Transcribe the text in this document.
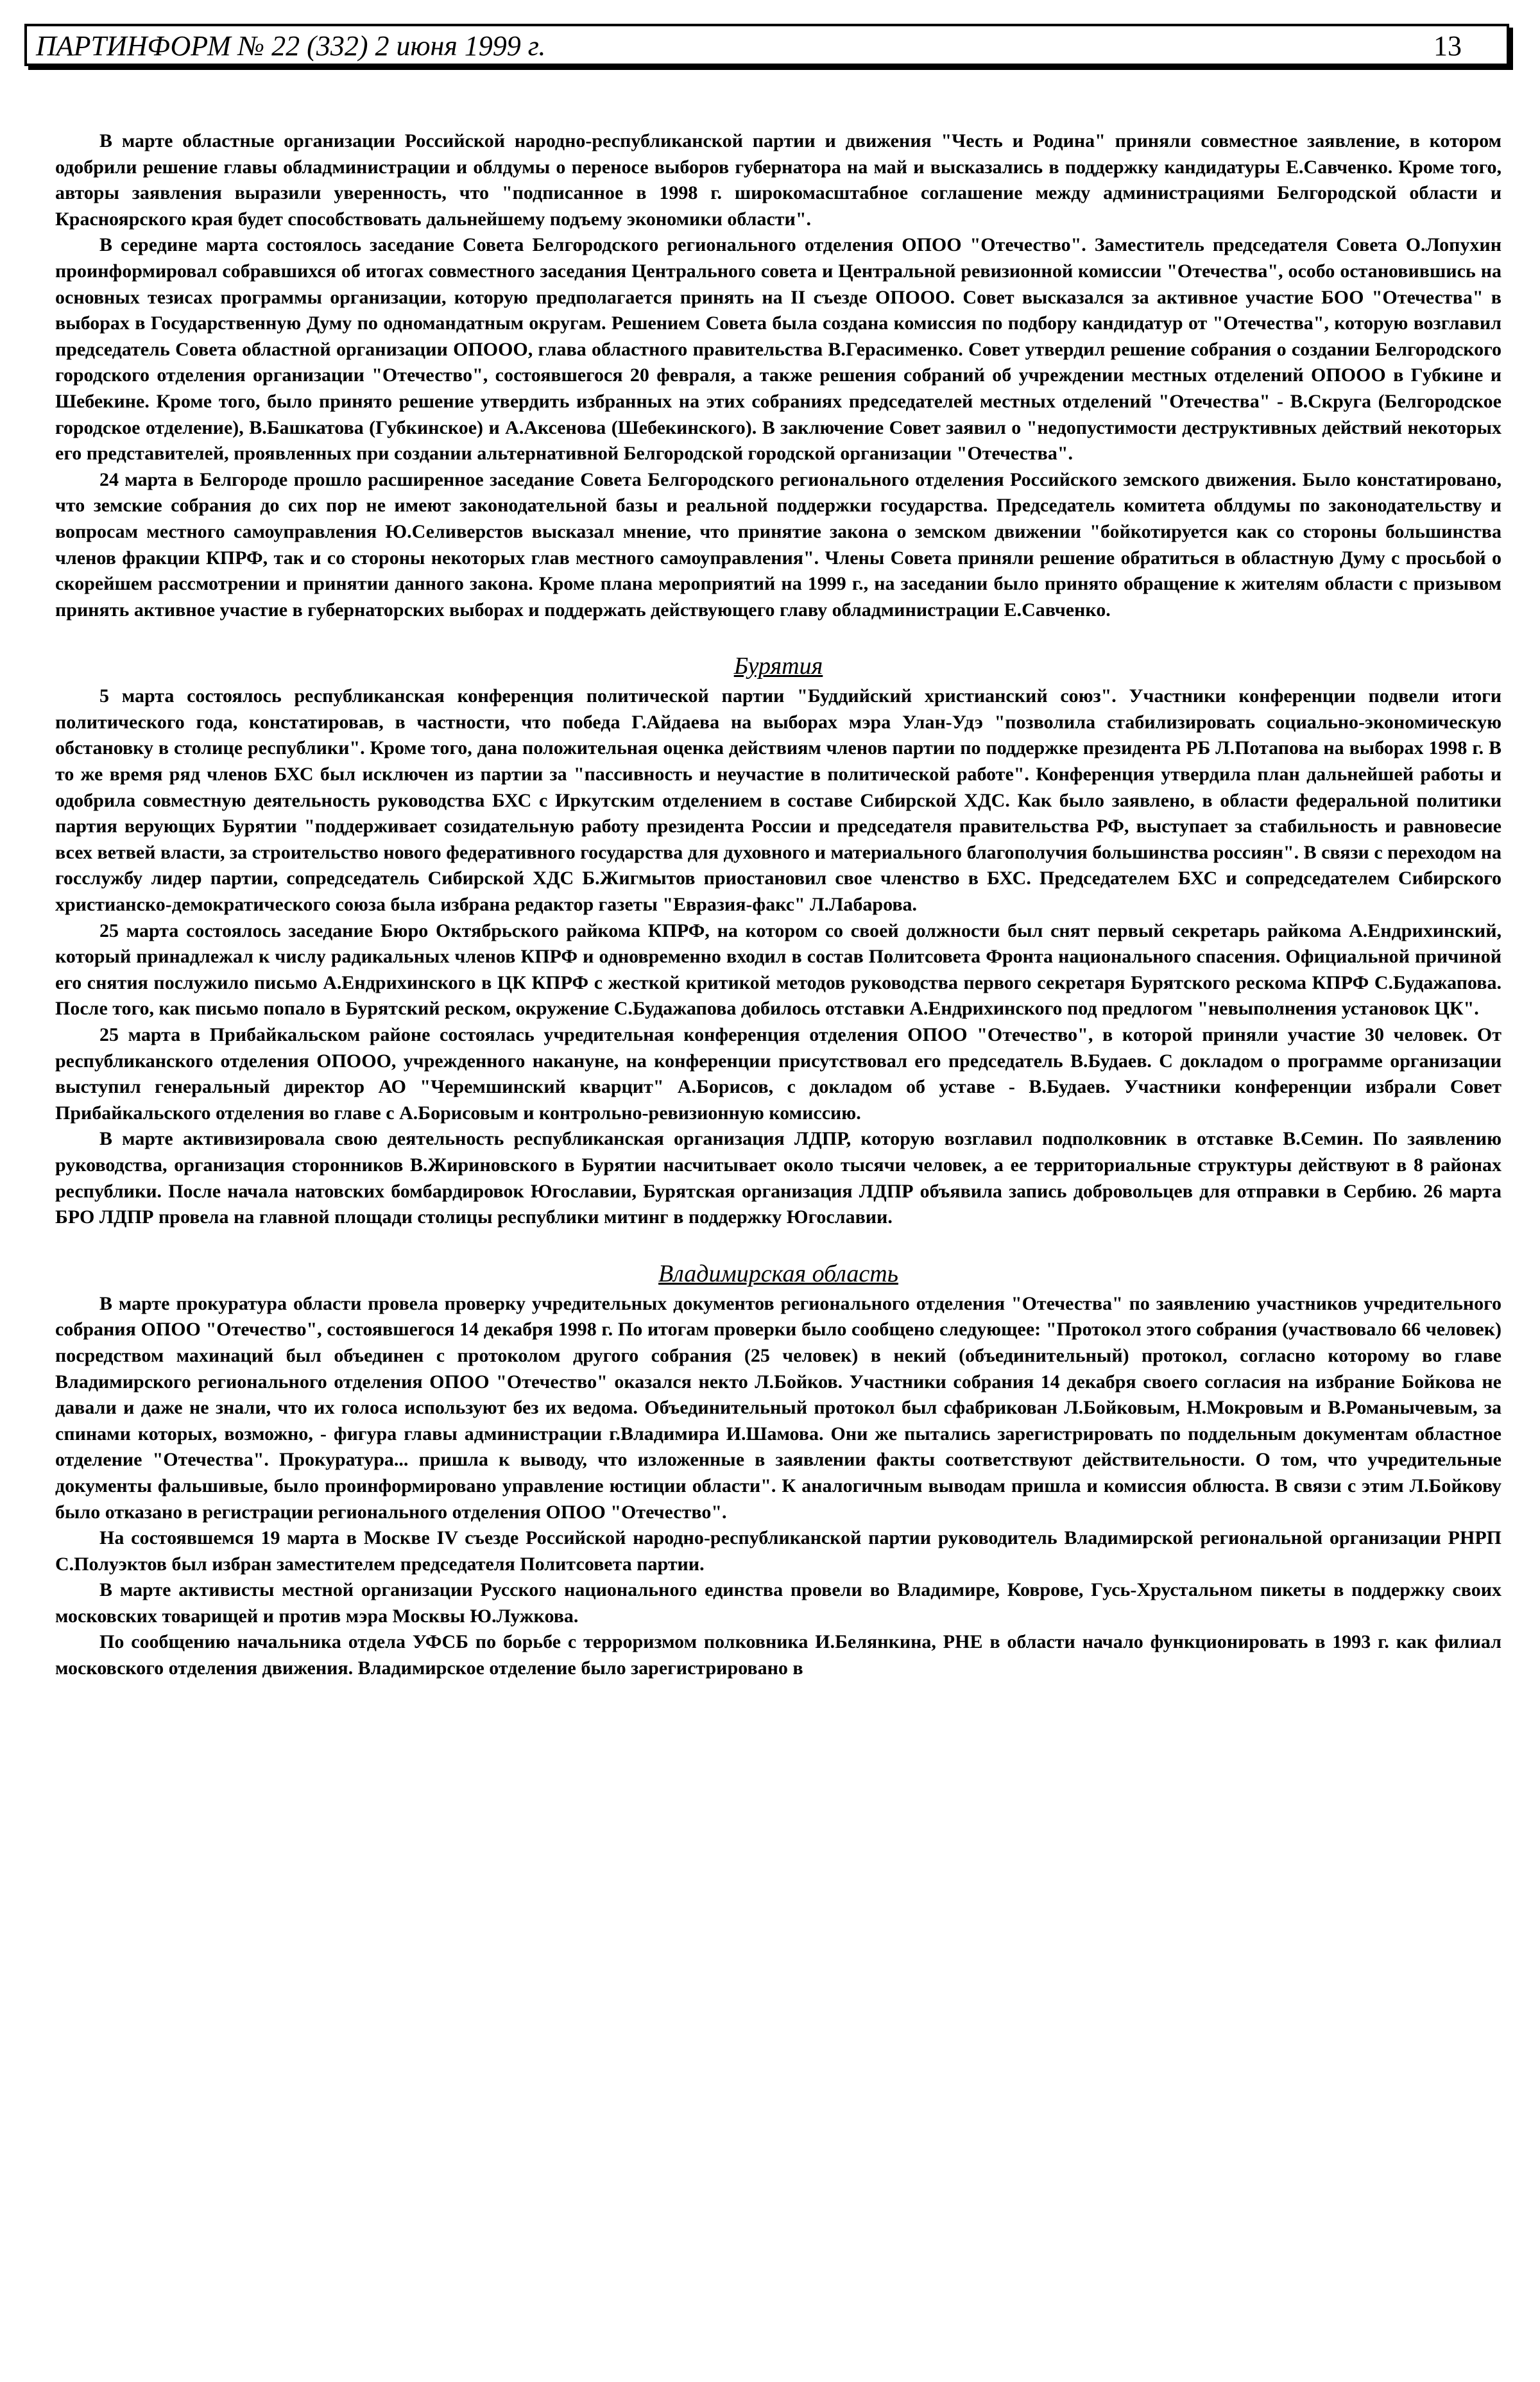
ПАРТИНФОРМ № 22 (332) 2 июня 1999 г.	13

В марте областные организации Российской народно-республиканской партии и движения "Честь и Родина" приняли совместное заявление, в котором одобрили решение главы обладминистрации и облдумы о переносе выборов губернатора на май и высказались в поддержку кандидатуры Е.Савченко. Кроме того, авторы заявления выразили уверенность, что "подписанное в 1998 г. широкомасштабное соглашение между администрациями Белгородской области и Красноярского края будет способствовать дальнейшему подъему экономики области".

В середине марта состоялось заседание Совета Белгородского регионального отделения ОПОО "Отечество". Заместитель председателя Совета О.Лопухин проинформировал собравшихся об итогах совместного заседания Центрального совета и Центральной ревизионной комиссии "Отечества", особо остановившись на основных тезисах программы организации, которую предполагается принять на II съезде ОПООО. Совет высказался за активное участие БОО "Отечества" в выборах в Государственную Думу по одномандатным округам. Решением Совета была создана комиссия по подбору кандидатур от "Отечества", которую возглавил председатель Совета областной организации ОПООО, глава областного правительства В.Герасименко. Совет утвердил решение собрания о создании Белгородского городского отделения организации "Отечество", состоявшегося 20 февраля, а также решения собраний об учреждении местных отделений ОПООО в Губкине и Шебекине. Кроме того, было принято решение утвердить избранных на этих собраниях председателей местных отделений "Отечества" - В.Скруга (Белгородское городское отделение), В.Башкатова (Губкинское) и А.Аксенова (Шебекинского). В заключение Совет заявил о "недопустимости деструктивных действий некоторых его представителей, проявленных при создании альтернативной Белгородской городской организации "Отечества".

24 марта в Белгороде прошло расширенное заседание Совета Белгородского регионального отделения Российского земского движения. Было констатировано, что земские собрания до сих пор не имеют законодательной базы и реальной поддержки государства. Председатель комитета облдумы по законодательству и вопросам местного самоуправления Ю.Селиверстов высказал мнение, что принятие закона о земском движении "бойкотируется как со стороны большинства членов фракции КПРФ, так и со стороны некоторых глав местного самоуправления". Члены Совета приняли решение обратиться в областную Думу с просьбой о скорейшем рассмотрении и принятии данного закона. Кроме плана мероприятий на 1999 г., на заседании было принято обращение к жителям области с призывом принять активное участие в губернаторских выборах и поддержать действующего главу обладминистрации Е.Савченко.

Бурятия

5 марта состоялось республиканская конференция политической партии "Буддийский христианский союз". Участники конференции подвели итоги политического года, констатировав, в частности, что победа Г.Айдаева на выборах мэра Улан-Удэ "позволила стабилизировать социально-экономическую обстановку в столице республики". Кроме того, дана положительная оценка действиям членов партии по поддержке президента РБ Л.Потапова на выборах 1998 г. В то же время ряд членов БХС был исключен из партии за "пассивность и неучастие в политической работе". Конференция утвердила план дальнейшей работы и одобрила совместную деятельность руководства БХС с Иркутским отделением в составе Сибирской ХДС. Как было заявлено, в области федеральной политики партия верующих Бурятии "поддерживает созидательную работу президента России и председателя правительства РФ, выступает за стабильность и равновесие всех ветвей власти, за строительство нового федеративного государства для духовного и материального благополучия большинства россиян". В связи с переходом на госслужбу лидер партии, сопредседатель Сибирской ХДС Б.Жигмытов приостановил свое членство в БХС. Председателем БХС и сопредседателем Сибирского христианско-демократического союза была избрана редактор газеты "Евразия-факс" Л.Лабарова.

25 марта состоялось заседание Бюро Октябрьского райкома КПРФ, на котором со своей должности был снят первый секретарь райкома А.Ендрихинский, который принадлежал к числу радикальных членов КПРФ и одновременно входил в состав Политсовета Фронта национального спасения. Официальной причиной его снятия послужило письмо А.Ендрихинского в ЦК КПРФ с жесткой критикой методов руководства первого секретаря Бурятского рескома КПРФ С.Будажапова. После того, как письмо попало в Бурятский реском, окружение С.Будажапова добилось отставки А.Ендрихинского под предлогом "невыполнения установок ЦК".

25 марта в Прибайкальском районе состоялась учредительная конференция отделения ОПОО "Отечество", в которой приняли участие 30 человек. От республиканского отделения ОПООО, учрежденного накануне, на конференции присутствовал его председатель В.Будаев. С докладом о программе организации выступил генеральный директор АО "Черемшинский кварцит" А.Борисов, с докладом об уставе - В.Будаев. Участники конференции избрали Совет Прибайкальского отделения во главе с А.Борисовым и контрольно-ревизионную комиссию.

В марте активизировала свою деятельность республиканская организация ЛДПР, которую возглавил подполковник в отставке В.Семин. По заявлению руководства, организация сторонников В.Жириновского в Бурятии насчитывает около тысячи человек, а ее территориальные структуры действуют в 8 районах республики. После начала натовских бомбардировок Югославии, Бурятская организация ЛДПР объявила запись добровольцев для отправки в Сербию. 26 марта БРО ЛДПР провела на главной площади столицы республики митинг в поддержку Югославии.

Владимирская область

В марте прокуратура области провела проверку учредительных документов регионального отделения "Отечества" по заявлению участников учредительного собрания ОПОО "Отечество", состоявшегося 14 декабря 1998 г. По итогам проверки было сообщено следующее: "Протокол этого собрания (участвовало 66 человек) посредством махинаций был объединен с протоколом другого собрания (25 человек) в некий (объединительный) протокол, согласно которому во главе Владимирского регионального отделения ОПОО "Отечество" оказался некто Л.Бойков. Участники собрания 14 декабря своего согласия на избрание Бойкова не давали и даже не знали, что их голоса используют без их ведома. Объединительный протокол был сфабрикован Л.Бойковым, Н.Мокровым и В.Романычевым, за спинами которых, возможно, - фигура главы администрации г.Владимира И.Шамова. Они же пытались зарегистрировать по поддельным документам областное отделение "Отечества". Прокуратура... пришла к выводу, что изложенные в заявлении факты соответствуют действительности. О том, что учредительные документы фальшивые, было проинформировано управление юстиции области". К аналогичным выводам пришла и комиссия облюста. В связи с этим Л.Бойкову было отказано в регистрации регионального отделения ОПОО "Отечество".

На состоявшемся 19 марта в Москве IV съезде Российской народно-республиканской партии руководитель Владимирской региональной организации РНРП С.Полуэктов был избран заместителем председателя Политсовета партии.

В марте активисты местной организации Русского национального единства провели во Владимире, Коврове, Гусь-Хрустальном пикеты в поддержку своих московских товарищей и против мэра Москвы Ю.Лужкова.

По сообщению начальника отдела УФСБ по борьбе с терроризмом полковника И.Белянкина, РНЕ в области начало функционировать в 1993 г. как филиал московского отделения движения. Владимирское отделение было зарегистрировано в
